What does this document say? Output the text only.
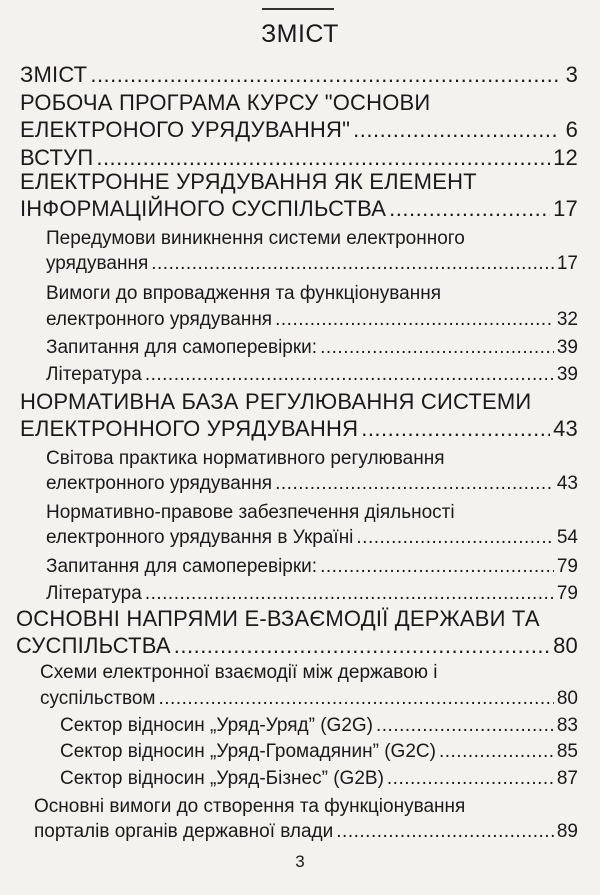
ЗМІСТ
ЗМІСТ .....	3
РОБОЧА ПРОГРАМА КУРСУ "ОСНОВИ
ЕЛЕКТРОНОГО УРЯДУВАННЯ" .....	6
ВСТУП .....	12
ЕЛЕКТРОННЕ УРЯДУВАННЯ ЯК ЕЛЕМЕНТ
ІНФОРМАЦІЙНОГО СУСПІЛЬСТВА .....	17
Передумови виникнення системи електронного
урядування .....	17
Вимоги до впровадження та функціонування
електронного урядування .....	32
Запитання для самоперевірки: .....	39
Література .....	39
НОРМАТИВНА БАЗА РЕГУЛЮВАННЯ СИСТЕМИ
ЕЛЕКТРОННОГО УРЯДУВАННЯ .....	43
Світова практика нормативного регулювання
електронного урядування .....	43
Нормативно-правове забезпечення діяльності
електронного урядування в Україні .....	54
Запитання для самоперевірки: .....	79
Література .....	79
ОСНОВНІ НАПРЯМИ Е-ВЗАЄМОДІЇ ДЕРЖАВИ ТА
СУСПІЛЬСТВА .....	80
Схеми електронної взаємодії між державою і
суспільством .....	80
Сектор відносин „Уряд-Уряд” (G2G) .....	83
Сектор відносин „Уряд-Громадянин” (G2C) .....	85
Сектор відносин „Уряд-Бізнес” (G2B) .....	87
Основні вимоги до створення та функціонування
порталів органів державної влади .....	89
3
